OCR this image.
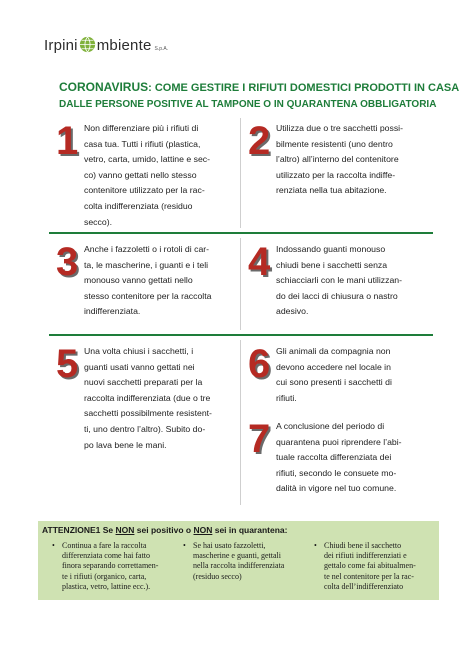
Irpini mbiente S.p.A.
CORONAVIRUS: COME GESTIRE I RIFIUTI DOMESTICI PRODOTTI IN CASA
DALLE PERSONE POSITIVE AL TAMPONE O IN QUARANTENA OBBLIGATORIA
1 Non differenziare più i rifiuti di
casa tua. Tutti i rifiuti (plastica,
vetro, carta, umido, lattine e sec-
co) vanno gettati nello stesso
contenitore utilizzato per la rac-
colta indifferenziata (residuo
secco).
2 Utilizza due o tre sacchetti possi-
bilmente resistenti (uno dentro
l’altro) all’interno del contenitore
utilizzato per la raccolta indiffe-
renziata nella tua abitazione.
3 Anche i fazzoletti o i rotoli di car-
ta, le mascherine, i guanti e i teli
monouso vanno gettati nello
stesso contenitore per la raccolta
indifferenziata.
4 Indossando guanti monouso
chiudi bene i sacchetti senza
schiacciarli con le mani utilizzan-
do dei lacci di chiusura o nastro
adesivo.
5 Una volta chiusi i sacchetti, i
guanti usati vanno gettati nei
nuovi sacchetti preparati per la
raccolta indifferenziata (due o tre
sacchetti possibilmente resistent-
ti, uno dentro l’altro). Subito do-
po lava bene le mani.
6 Gli animali da compagnia non
devono accedere nel locale in
cui sono presenti i sacchetti di
rifiuti.
7 A conclusione del periodo di
quarantena puoi riprendere l’abi-
tuale raccolta differenziata dei
rifiuti, secondo le consuete mo-
dalità in vigore nel tuo comune.
ATTENZIONE1 Se NON sei positivo o NON sei in quarantena:
• Continua a fare la raccolta
differenziata come hai fatto
finora separando correttamen-
te i rifiuti (organico, carta,
plastica, vetro, lattine ecc.).
• Se hai usato fazzoletti,
mascherine e guanti, gettali
nella raccolta indifferenziata
(residuo secco)
• Chiudi bene il sacchetto
dei rifiuti indifferenziati e
gettalo come fai abitualmen-
te nel contenitore per la rac-
colta dell’indifferenziato
